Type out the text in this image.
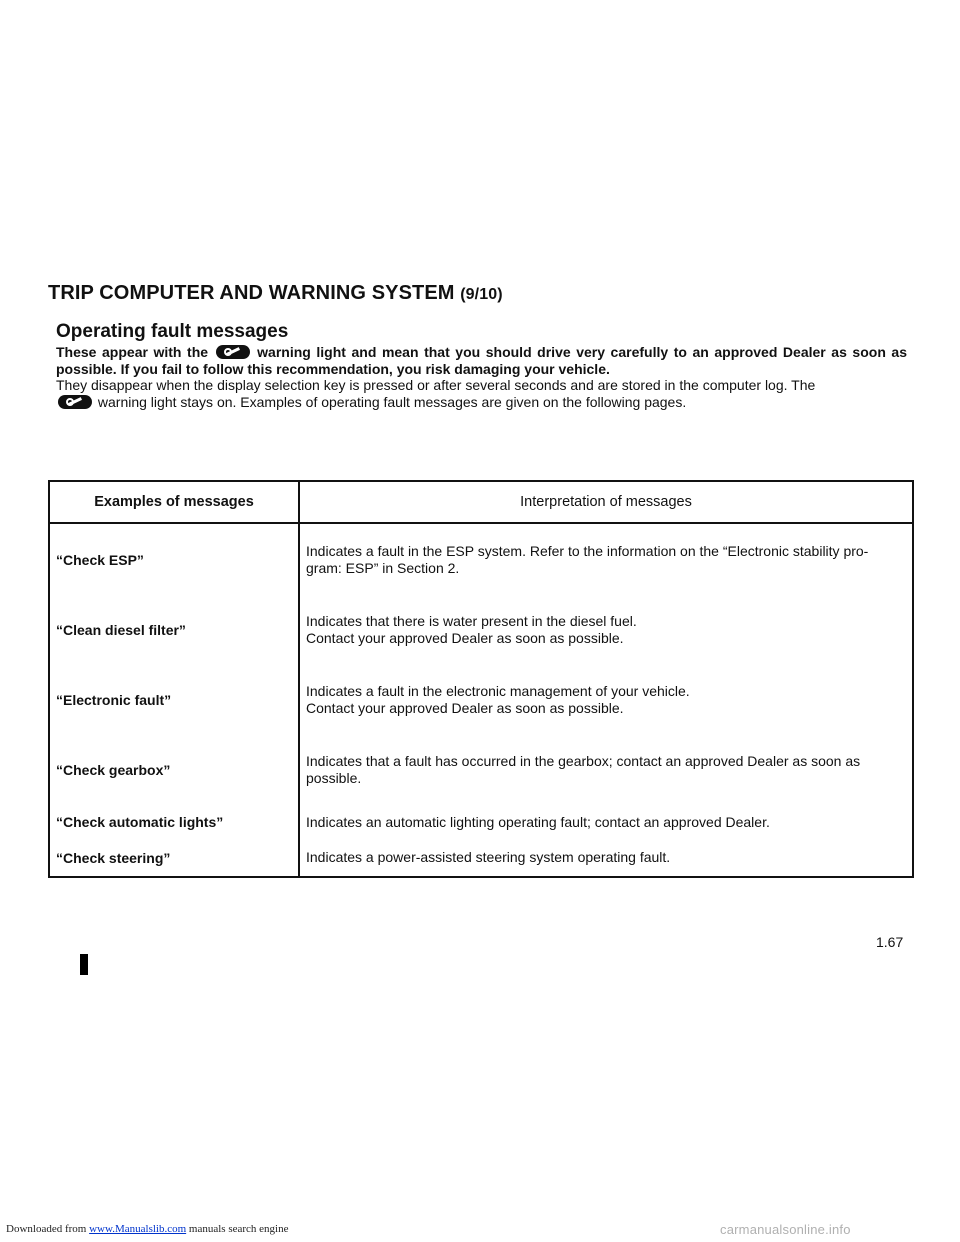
TRIP COMPUTER AND WARNING SYSTEM (9/10)
Operating fault messages

These appear with the	warning light and mean that you should drive very carefully to an approved Dealer as soon as possible. If you fail to follow this recommendation, you risk damaging your vehicle.

They disappear when the display selection key is pressed or after several seconds and are stored in the computer log. The
warning light stays on. Examples of operating fault messages are given on the following pages.

Examples of messages	Interpretation of messages
“Check ESP”	Indicates a fault in the ESP system. Refer to the information on the “Electronic stability pro-
gram: ESP” in Section 2.

“Clean diesel filter”	Indicates that there is water present in the diesel fuel.
Contact your approved Dealer as soon as possible.

“Electronic fault”	Indicates a fault in the electronic management of your vehicle.
Contact your approved Dealer as soon as possible.

“Check gearbox”	Indicates that a fault has occurred in the gearbox; contact an approved Dealer as soon as
possible.

“Check automatic lights”	Indicates an automatic lighting operating fault; contact an approved Dealer.

“Check steering”	Indicates a power-assisted steering system operating fault.
1.67
Downloaded from www.Manualslib.com manuals search engine	carmanualsonline.info
